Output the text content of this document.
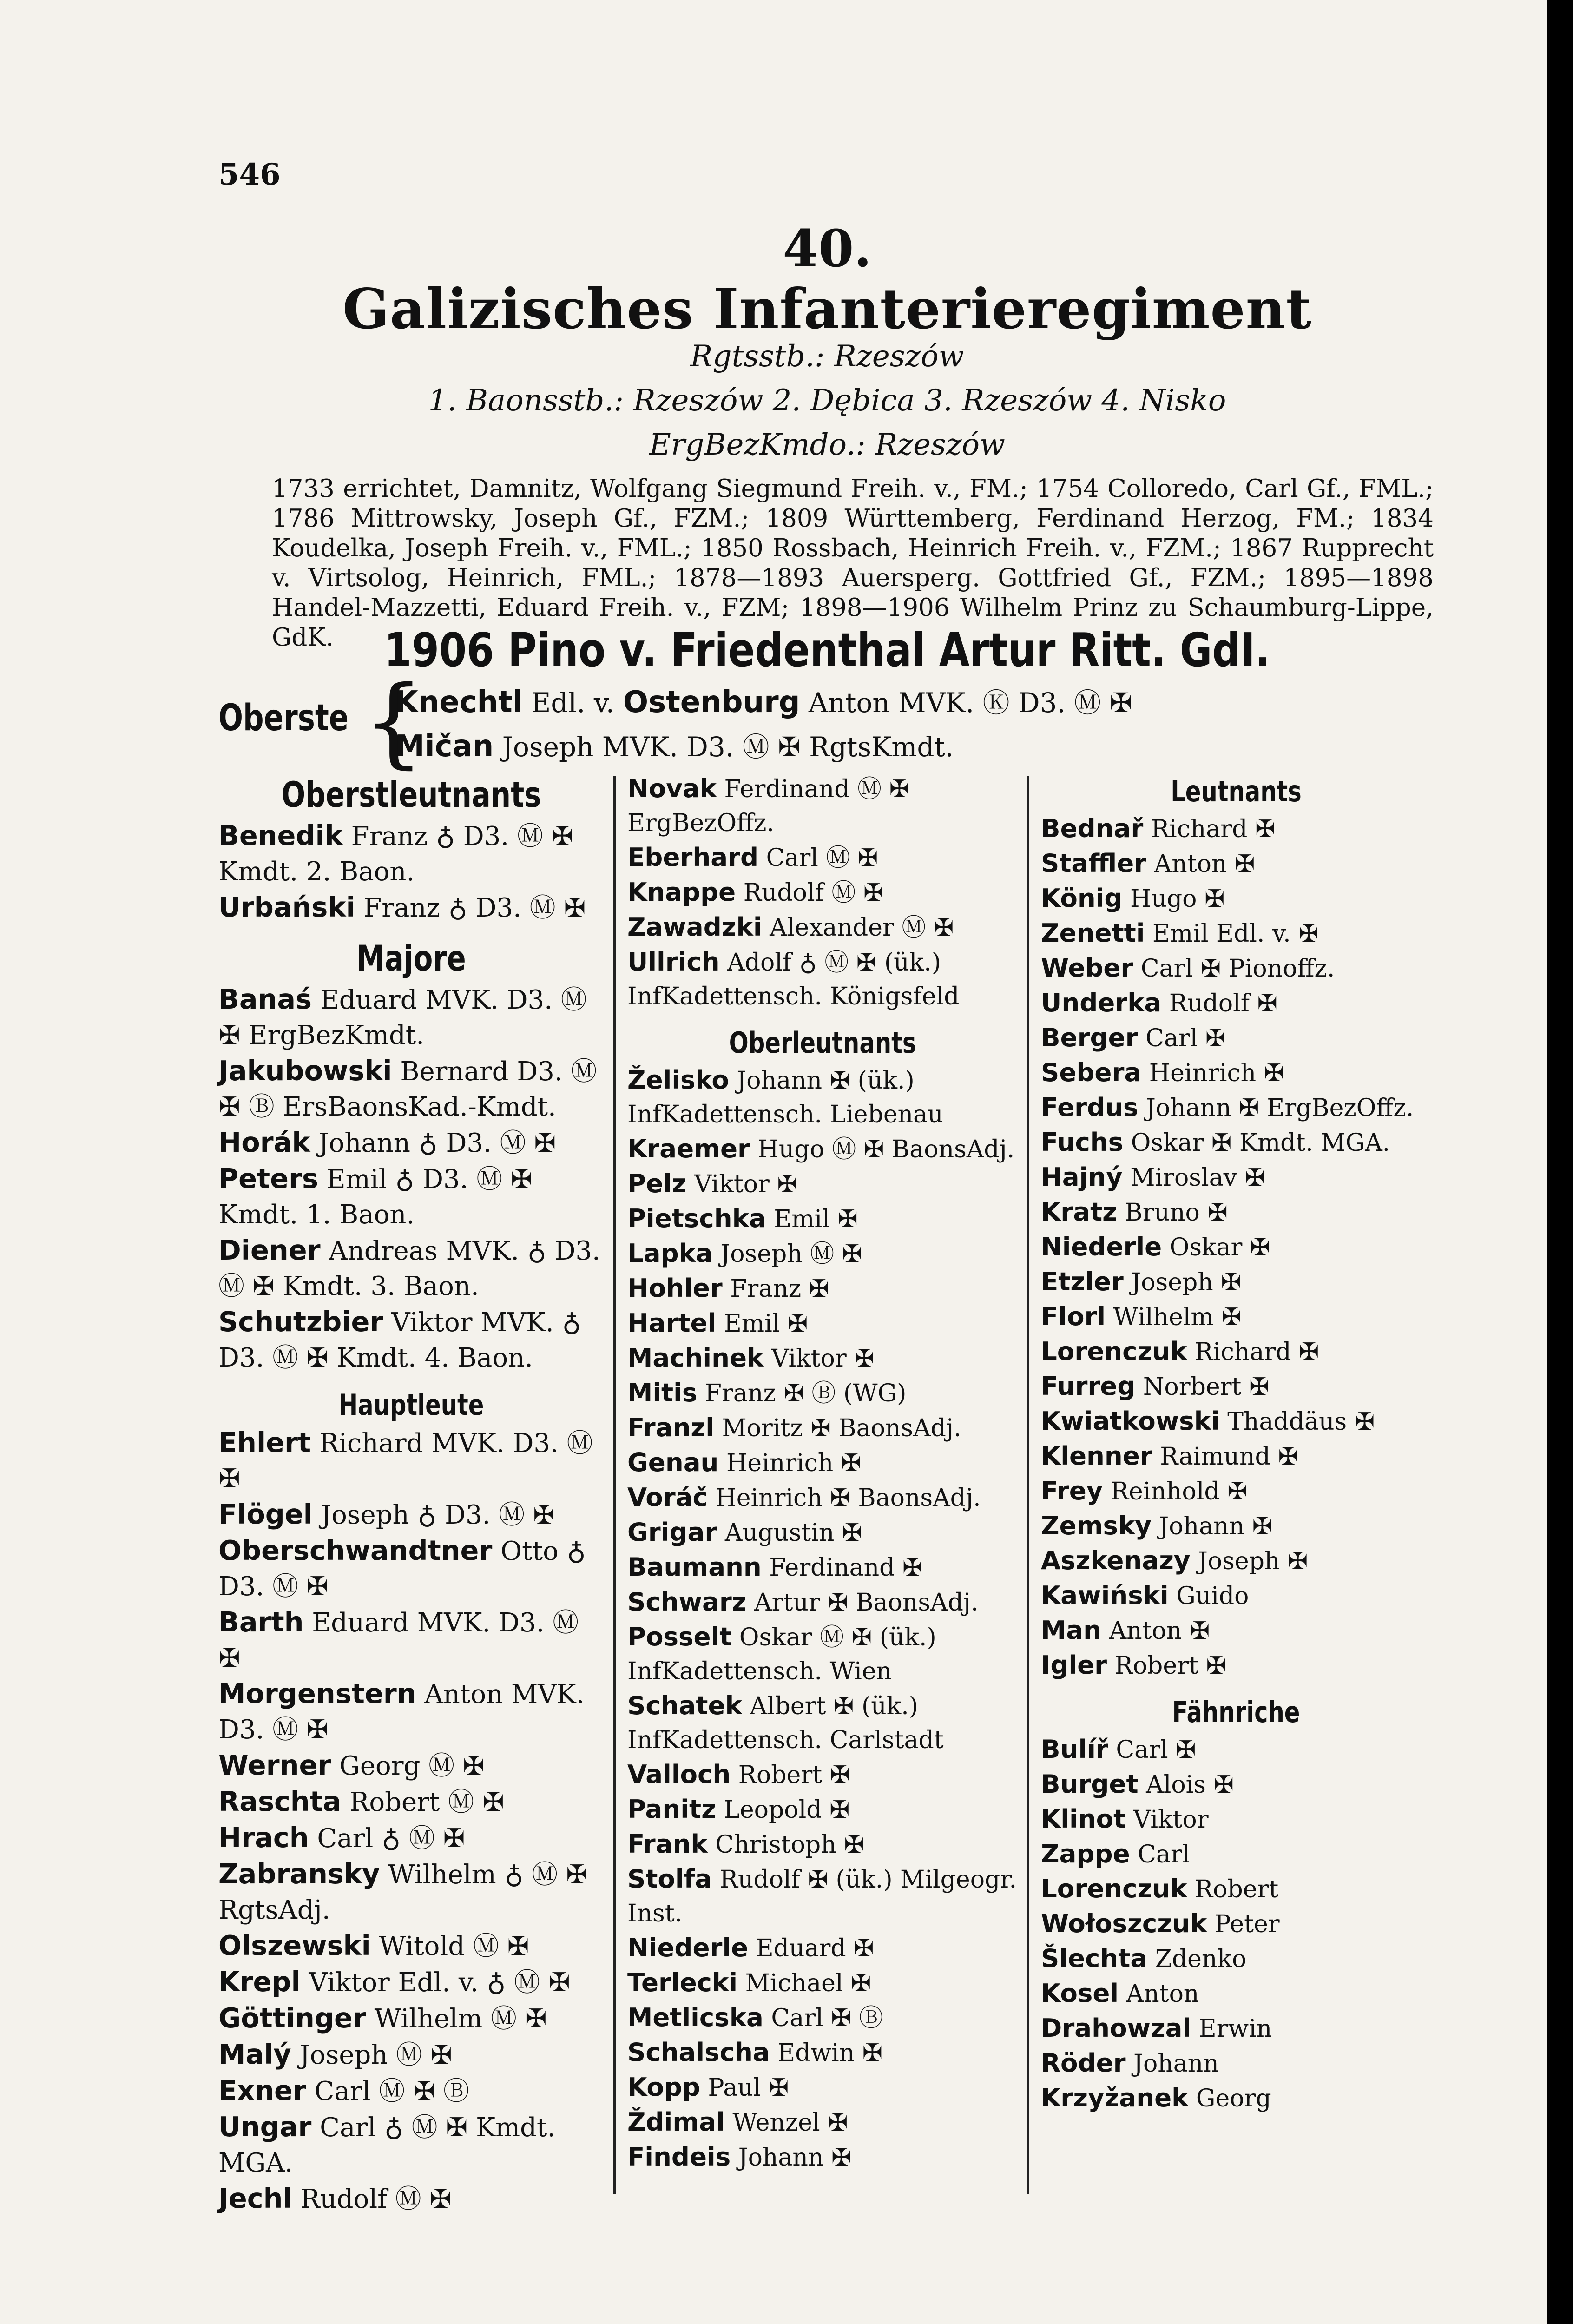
546
40.
Galizisches Infanterieregiment
Rgtsstb.: Rzeszów
1. Baonsstb.: Rzeszów 2. Dębica 3. Rzeszów 4. Nisko
ErgBezKmdo.: Rzeszów
1733 errichtet, Damnitz, Wolfgang Siegmund Freih. v., FM.; 1754 Colloredo, Carl Gf., FML.; 1786 Mittrowsky, Joseph Gf., FZM.; 1809 Württemberg, Ferdinand Herzog, FM.; 1834 Koudelka, Joseph Freih. v., FML.; 1850 Rossbach, Heinrich Freih. v., FZM.; 1867 Rupprecht v. Virtsolog, Heinrich, FML.; 1878—1893 Auersperg. Gottfried Gf., FZM.; 1895—1898 Handel-Mazzetti, Eduard Freih. v., FZM; 1898—1906 Wilhelm Prinz zu Schaumburg-Lippe, GdK.	1906 Pino v. Friedenthal Artur Ritt. GdI.
Oberste {
Knechtl Edl. v. Ostenburg Anton MVK. Ⓚ D3. Ⓜ ✠
Mičan Joseph MVK. D3. Ⓜ ✠ RgtsKmdt.
Oberstleutnants
Benedik Franz ♁ D3. Ⓜ ✠ Kmdt. 2. Baon.
Urbański Franz ♁ D3. Ⓜ ✠
Majore
Banaś Eduard MVK. D3. Ⓜ ✠ ErgBezKmdt.
Jakubowski Bernard D3. Ⓜ ✠ Ⓑ ErsBaonsKad.-Kmdt.
Horák Johann ♁ D3. Ⓜ ✠
Peters Emil ♁ D3. Ⓜ ✠ Kmdt. 1. Baon.
Diener Andreas MVK. ♁ D3. Ⓜ ✠ Kmdt. 3. Baon.
Schutzbier Viktor MVK. ♁ D3. Ⓜ ✠ Kmdt. 4. Baon.
Hauptleute
Ehlert Richard MVK. D3. Ⓜ ✠
Flögel Joseph ♁ D3. Ⓜ ✠
Oberschwandtner Otto ♁ D3. Ⓜ ✠
Barth Eduard MVK. D3. Ⓜ ✠
Morgenstern Anton MVK. D3. Ⓜ ✠
Werner Georg Ⓜ ✠
Raschta Robert Ⓜ ✠
Hrach Carl ♁ Ⓜ ✠
Zabransky Wilhelm ♁ Ⓜ ✠ RgtsAdj.
Olszewski Witold Ⓜ ✠
Krepl Viktor Edl. v. ♁ Ⓜ ✠
Göttinger Wilhelm Ⓜ ✠
Malý Joseph Ⓜ ✠
Exner Carl Ⓜ ✠ Ⓑ
Ungar Carl ♁ Ⓜ ✠ Kmdt. MGA.
Jechl Rudolf Ⓜ ✠
Novak Ferdinand Ⓜ ✠ ErgBezOffz.
Eberhard Carl Ⓜ ✠
Knappe Rudolf Ⓜ ✠
Zawadzki Alexander Ⓜ ✠
Ullrich Adolf ♁ Ⓜ ✠ (ük.) InfKadettensch. Königsfeld
Oberleutnants
Želisko Johann ✠ (ük.) InfKadettensch. Liebenau
Kraemer Hugo Ⓜ ✠ BaonsAdj.
Pelz Viktor ✠
Pietschka Emil ✠
Lapka Joseph Ⓜ ✠
Hohler Franz ✠
Hartel Emil ✠
Machinek Viktor ✠
Mitis Franz ✠ Ⓑ (WG)
Franzl Moritz ✠ BaonsAdj.
Genau Heinrich ✠
Voráč Heinrich ✠ BaonsAdj.
Grigar Augustin ✠
Baumann Ferdinand ✠
Schwarz Artur ✠ BaonsAdj.
Posselt Oskar Ⓜ ✠ (ük.) InfKadettensch. Wien
Schatek Albert ✠ (ük.) InfKadettensch. Carlstadt
Valloch Robert ✠
Panitz Leopold ✠
Frank Christoph ✠
Stolfa Rudolf ✠ (ük.) Milgeogr. Inst.
Niederle Eduard ✠
Terlecki Michael ✠
Metlicska Carl ✠ Ⓑ
Schalscha Edwin ✠
Kopp Paul ✠
Ždimal Wenzel ✠
Findeis Johann ✠
Leutnants
Bednař Richard ✠
Staffler Anton ✠
König Hugo ✠
Zenetti Emil Edl. v. ✠
Weber Carl ✠ Pionoffz.
Underka Rudolf ✠
Berger Carl ✠
Sebera Heinrich ✠
Ferdus Johann ✠ ErgBezOffz.
Fuchs Oskar ✠ Kmdt. MGA.
Hajný Miroslav ✠
Kratz Bruno ✠
Niederle Oskar ✠
Etzler Joseph ✠
Florl Wilhelm ✠
Lorenczuk Richard ✠
Furreg Norbert ✠
Kwiatkowski Thaddäus ✠
Klenner Raimund ✠
Frey Reinhold ✠
Zemsky Johann ✠
Aszkenazy Joseph ✠
Kawiński Guido
Man Anton ✠
Igler Robert ✠
Fähnriche
Bulíř Carl ✠
Burget Alois ✠
Klinot Viktor
Zappe Carl
Lorenczuk Robert
Wołoszczuk Peter
Šlechta Zdenko
Kosel Anton
Drahowzal Erwin
Röder Johann
Krzyžanek Georg
